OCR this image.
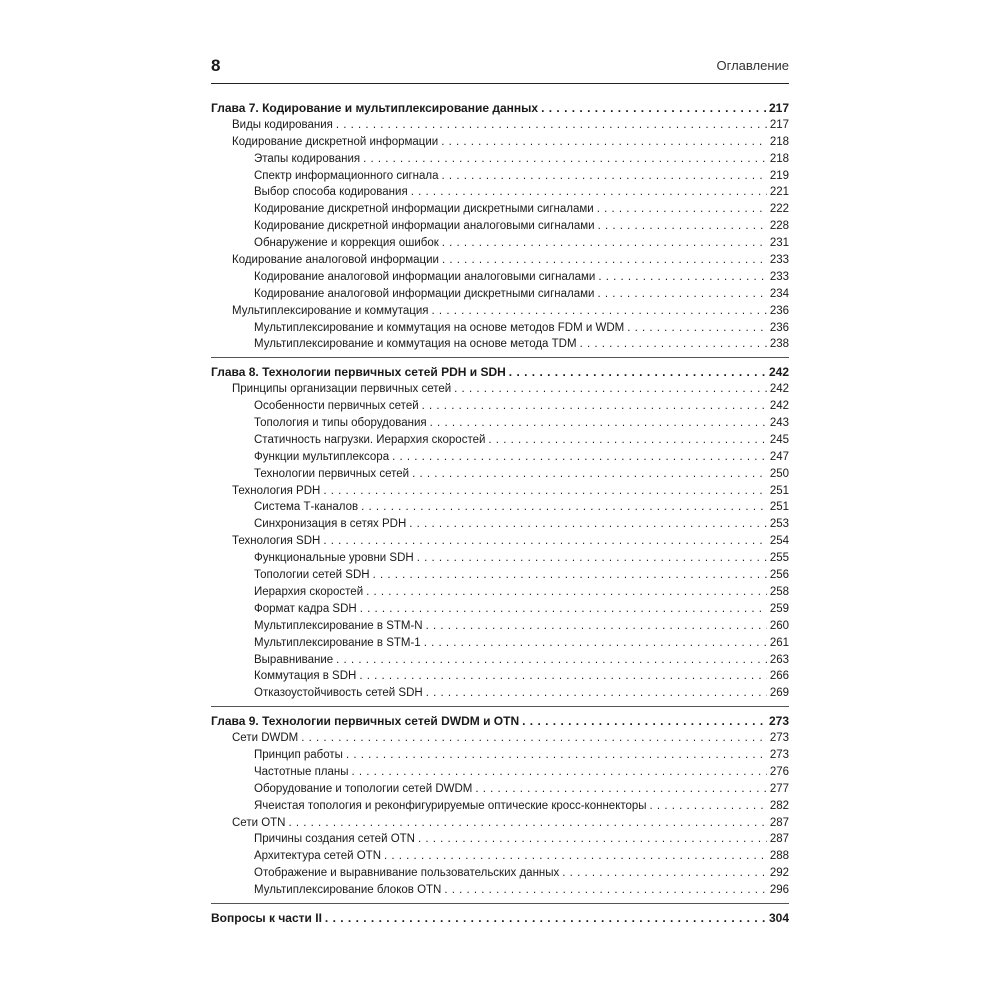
8	Оглавление
Глава 7. Кодирование и мультиплексирование данных . . .	217
Виды кодирования . . .	217
Кодирование дискретной информации . . .	218
Этапы кодирования . . .	218
Спектр информационного сигнала . . .	219
Выбор способа кодирования . . .	221
Кодирование дискретной информации дискретными сигналами . . .	222
Кодирование дискретной информации аналоговыми сигналами . . .	228
Обнаружение и коррекция ошибок . . .	231
Кодирование аналоговой информации . . .	233
Кодирование аналоговой информации аналоговыми сигналами . . .	233
Кодирование аналоговой информации дискретными сигналами . . .	234
Мультиплексирование и коммутация . . .	236
Мультиплексирование и коммутация на основе методов FDM и WDM . . .	236
Мультиплексирование и коммутация на основе метода TDM . . .	238
Глава 8. Технологии первичных сетей PDH и SDH . . .	242
Принципы организации первичных сетей . . .	242
Особенности первичных сетей . . .	242
Топология и типы оборудования . . .	243
Статичность нагрузки. Иерархия скоростей . . .	245
Функции мультиплексора . . .	247
Технологии первичных сетей . . .	250
Технология PDH . . .	251
Система Т-каналов . . .	251
Синхронизация в сетях PDH . . .	253
Технология SDH . . .	254
Функциональные уровни SDH . . .	255
Топологии сетей SDH . . .	256
Иерархия скоростей . . .	258
Формат кадра SDH . . .	259
Мультиплексирование в STM-N . . .	260
Мультиплексирование в STM-1 . . .	261
Выравнивание . . .	263
Коммутация в SDH . . .	266
Отказоустойчивость сетей SDH . . .	269
Глава 9. Технологии первичных сетей DWDM и OTN . . .	273
Сети DWDM . . .	273
Принцип работы . . .	273
Частотные планы . . .	276
Оборудование и топологии сетей DWDM . . .	277
Ячеистая топология и реконфигурируемые оптические кросс-коннекторы . . .	282
Сети OTN . . .	287
Причины создания сетей OTN . . .	287
Архитектура сетей OTN . . .	288
Отображение и выравнивание пользовательских данных . . .	292
Мультиплексирование блоков OTN . . .	296
Вопросы к части II . . .	304
